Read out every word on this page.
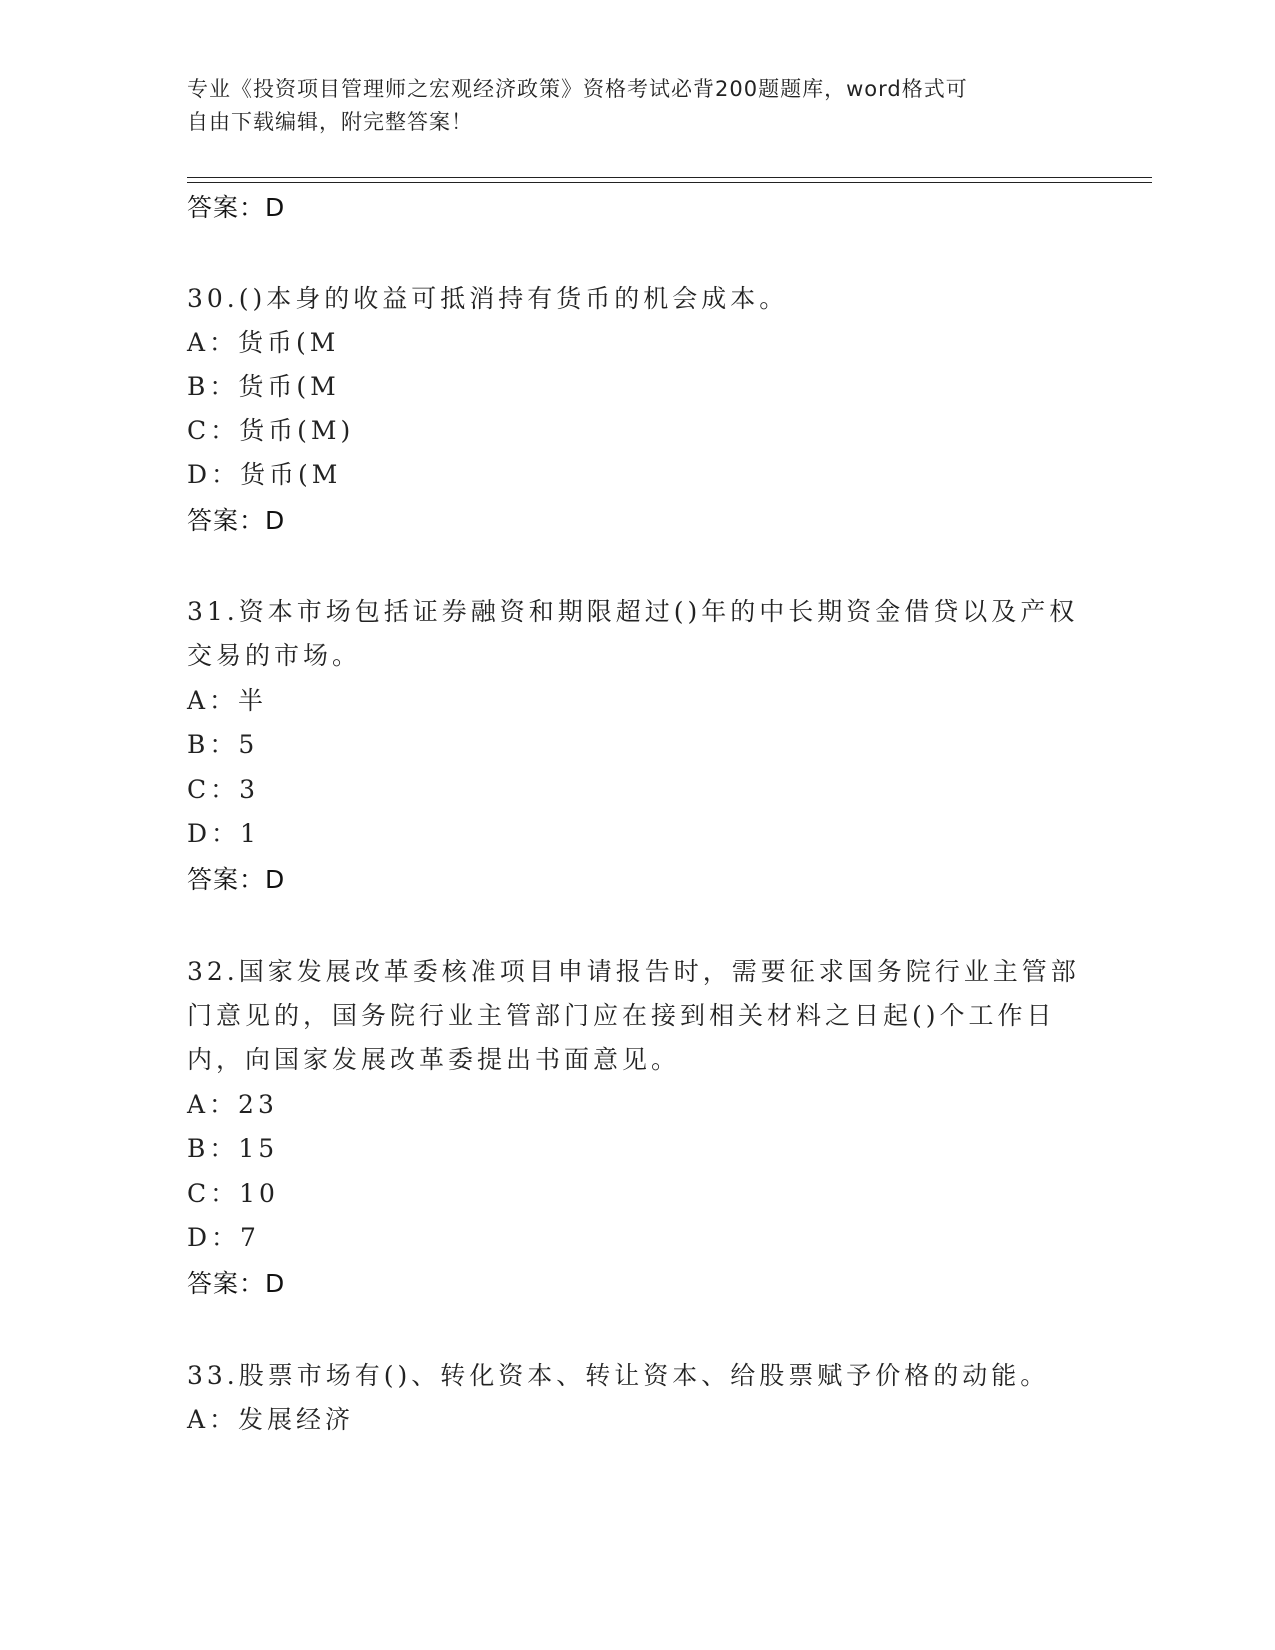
专业《投资项目管理师之宏观经济政策》资格考试必背200题题库，word格式可
自由下载编辑，附完整答案！
答案：D
30.()本身的收益可抵消持有货币的机会成本。
A：货币(M
B：货币(M
C：货币(M)
D：货币(M
答案：D
31.资本市场包括证券融资和期限超过()年的中长期资金借贷以及产权
交易的市场。
A：半
B：5
C：3
D：1
答案：D
32.国家发展改革委核准项目申请报告时，需要征求国务院行业主管部
门意见的，国务院行业主管部门应在接到相关材料之日起()个工作日
内，向国家发展改革委提出书面意见。
A：23
B：15
C：10
D：7
答案：D
33.股票市场有()、转化资本、转让资本、给股票赋予价格的动能。
A：发展经济
